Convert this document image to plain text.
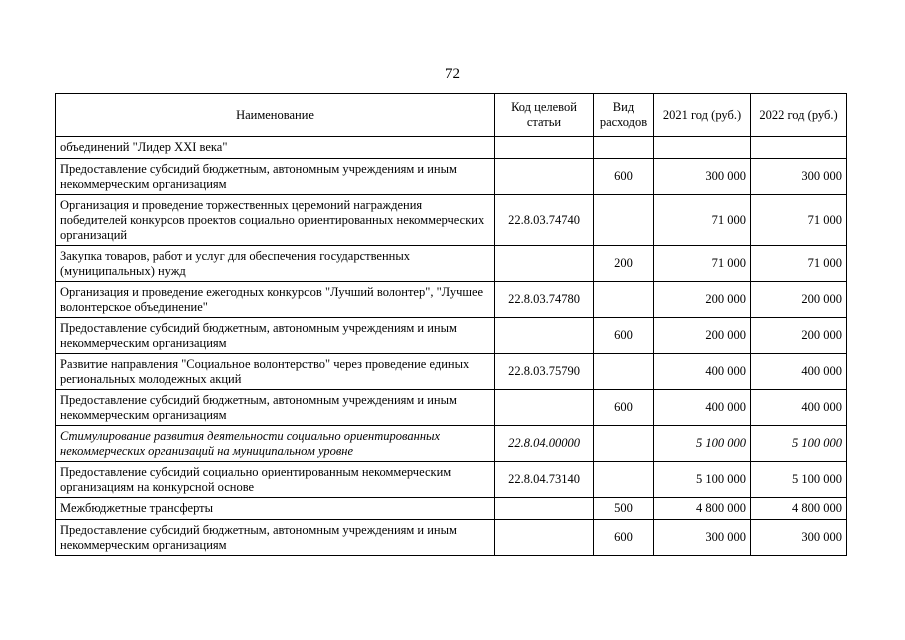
72
Наименование	Код целевой статьи	Вид расходов	2021 год (руб.)	2022 год (руб.)
объединений "Лидер XXI века"				
Предоставление субсидий бюджетным, автономным учреждениям и иным некоммерческим организациям		600	300 000	300 000
Организация и проведение торжественных церемоний награждения победителей конкурсов проектов социально ориентированных некоммерческих организаций	22.8.03.74740		71 000	71 000
Закупка товаров, работ и услуг для обеспечения государственных (муниципальных) нужд		200	71 000	71 000
Организация и проведение ежегодных конкурсов "Лучший волонтер", "Лучшее волонтерское объединение"	22.8.03.74780		200 000	200 000
Предоставление субсидий бюджетным, автономным учреждениям и иным некоммерческим организациям		600	200 000	200 000
Развитие направления "Социальное волонтерство" через проведение единых региональных молодежных акций	22.8.03.75790		400 000	400 000
Предоставление субсидий бюджетным, автономным учреждениям и иным некоммерческим организациям		600	400 000	400 000
Стимулирование развития деятельности социально ориентированных некоммерческих организаций на муниципальном уровне	22.8.04.00000		5 100 000	5 100 000
Предоставление субсидий социально ориентированным некоммерческим организациям на конкурсной основе	22.8.04.73140		5 100 000	5 100 000
Межбюджетные трансферты		500	4 800 000	4 800 000
Предоставление субсидий бюджетным, автономным учреждениям и иным некоммерческим организациям		600	300 000	300 000
